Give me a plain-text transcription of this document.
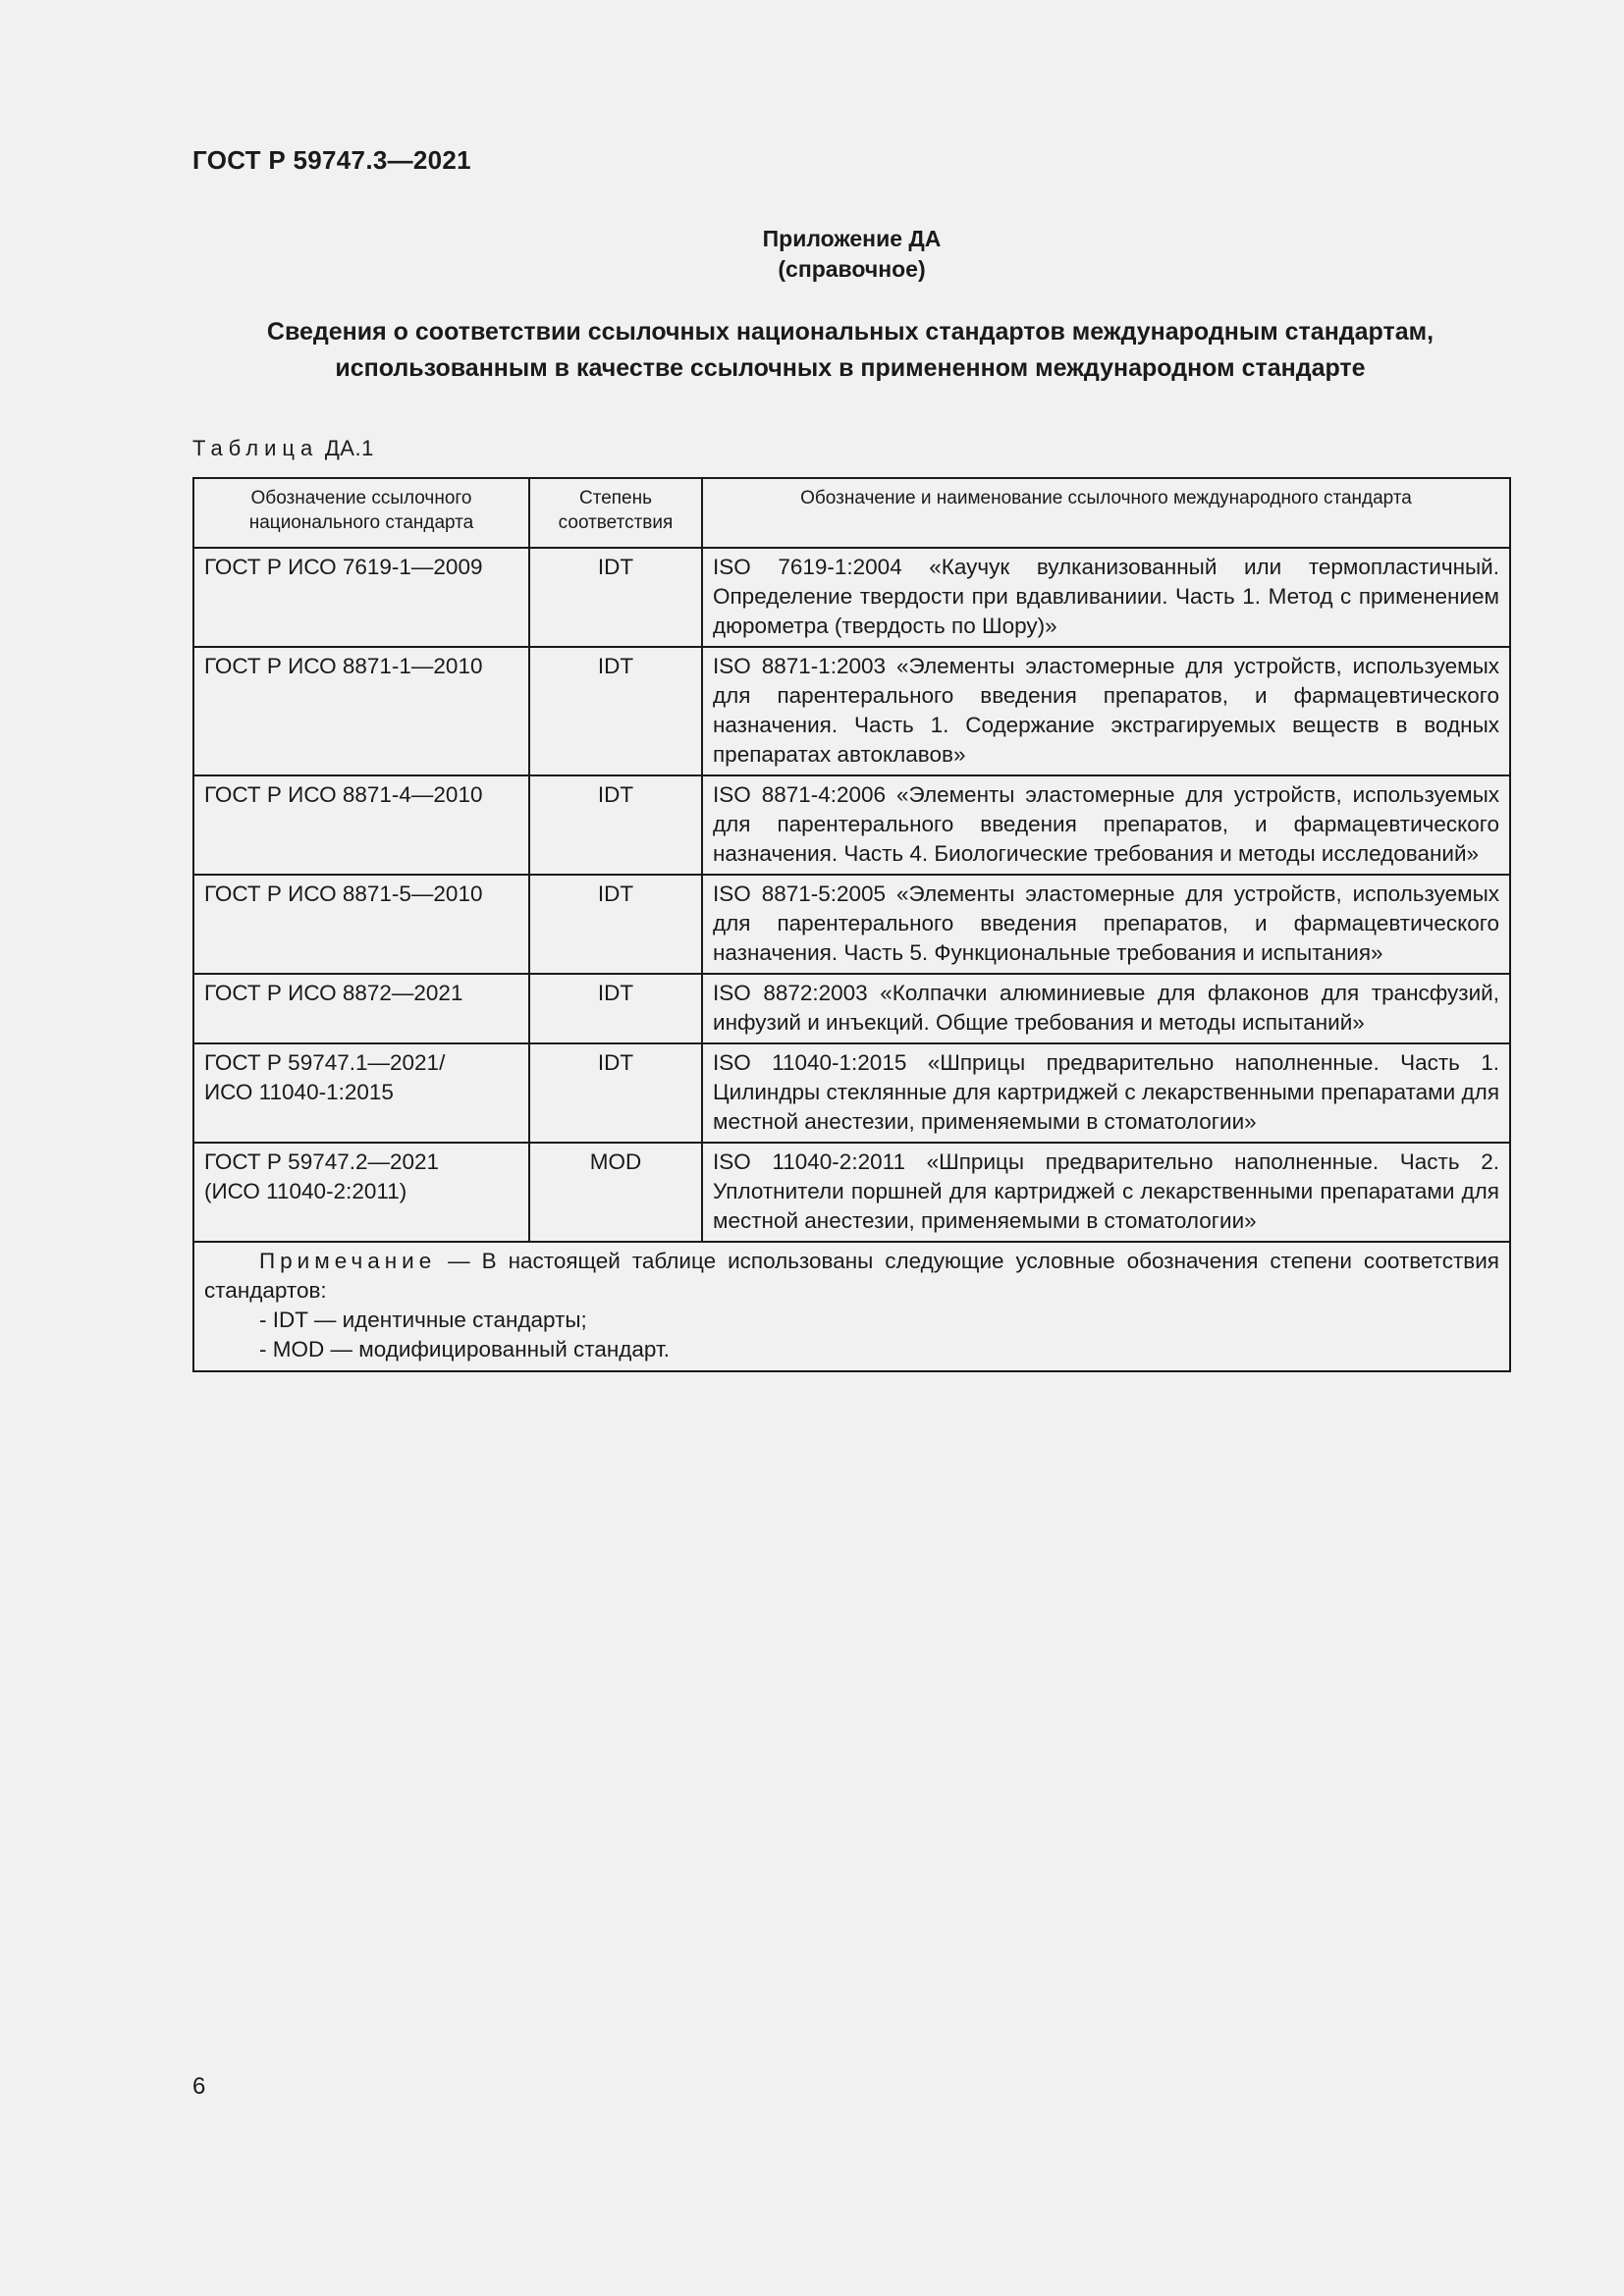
ГОСТ Р 59747.3—2021
Приложение ДА
(справочное)
Сведения о соответствии ссылочных национальных стандартов международным стандартам,
использованным в качестве ссылочных в примененном международном стандарте
Таблица ДА.1
Обозначение ссылочного национального стандарта	Степень соответствия	Обозначение и наименование ссылочного международного стандарта
ГОСТ Р ИСО 7619-1—2009	IDT	ISO 7619-1:2004 «Каучук вулканизованный или термопластичный. Определение твердости при вдавливаниии. Часть 1. Метод с применением дюрометра (твердость по Шору)»
ГОСТ Р ИСО 8871-1—2010	IDT	ISO 8871-1:2003 «Элементы эластомерные для устройств, используемых для парентерального введения препаратов, и фармацевтического назначения. Часть 1. Содержание экстрагируемых веществ в водных препаратах автоклавов»
ГОСТ Р ИСО 8871-4—2010	IDT	ISO 8871-4:2006 «Элементы эластомерные для устройств, используемых для парентерального введения препаратов, и фармацевтического назначения. Часть 4. Биологические требования и методы исследований»
ГОСТ Р ИСО 8871-5—2010	IDT	ISO 8871-5:2005 «Элементы эластомерные для устройств, используемых для парентерального введения препаратов, и фармацевтического назначения. Часть 5. Функциональные требования и испытания»
ГОСТ Р ИСО 8872—2021	IDT	ISO 8872:2003 «Колпачки алюминиевые для флаконов для трансфузий, инфузий и инъекций. Общие требования и методы испытаний»

ГОСТ Р 59747.1—2021/
ИСО 11040-1:2015	IDT	ISO 11040-1:2015 «Шприцы предварительно наполненные. Часть 1. Цилиндры стеклянные для картриджей с лекарственными препаратами для местной анестезии, применяемыми в стоматологии»

ГОСТ Р 59747.2—2021
(ИСО 11040-2:2011)	MOD	ISO 11040-2:2011 «Шприцы предварительно наполненные. Часть 2. Уплотнители поршней для картриджей с лекарственными препаратами для местной анестезии, применяемыми в стоматологии»

Примечание — В настоящей таблице использованы следующие условные обозначения степени соответствия стандартов:
- IDT — идентичные стандарты;
- MOD — модифицированный стандарт.		
6
